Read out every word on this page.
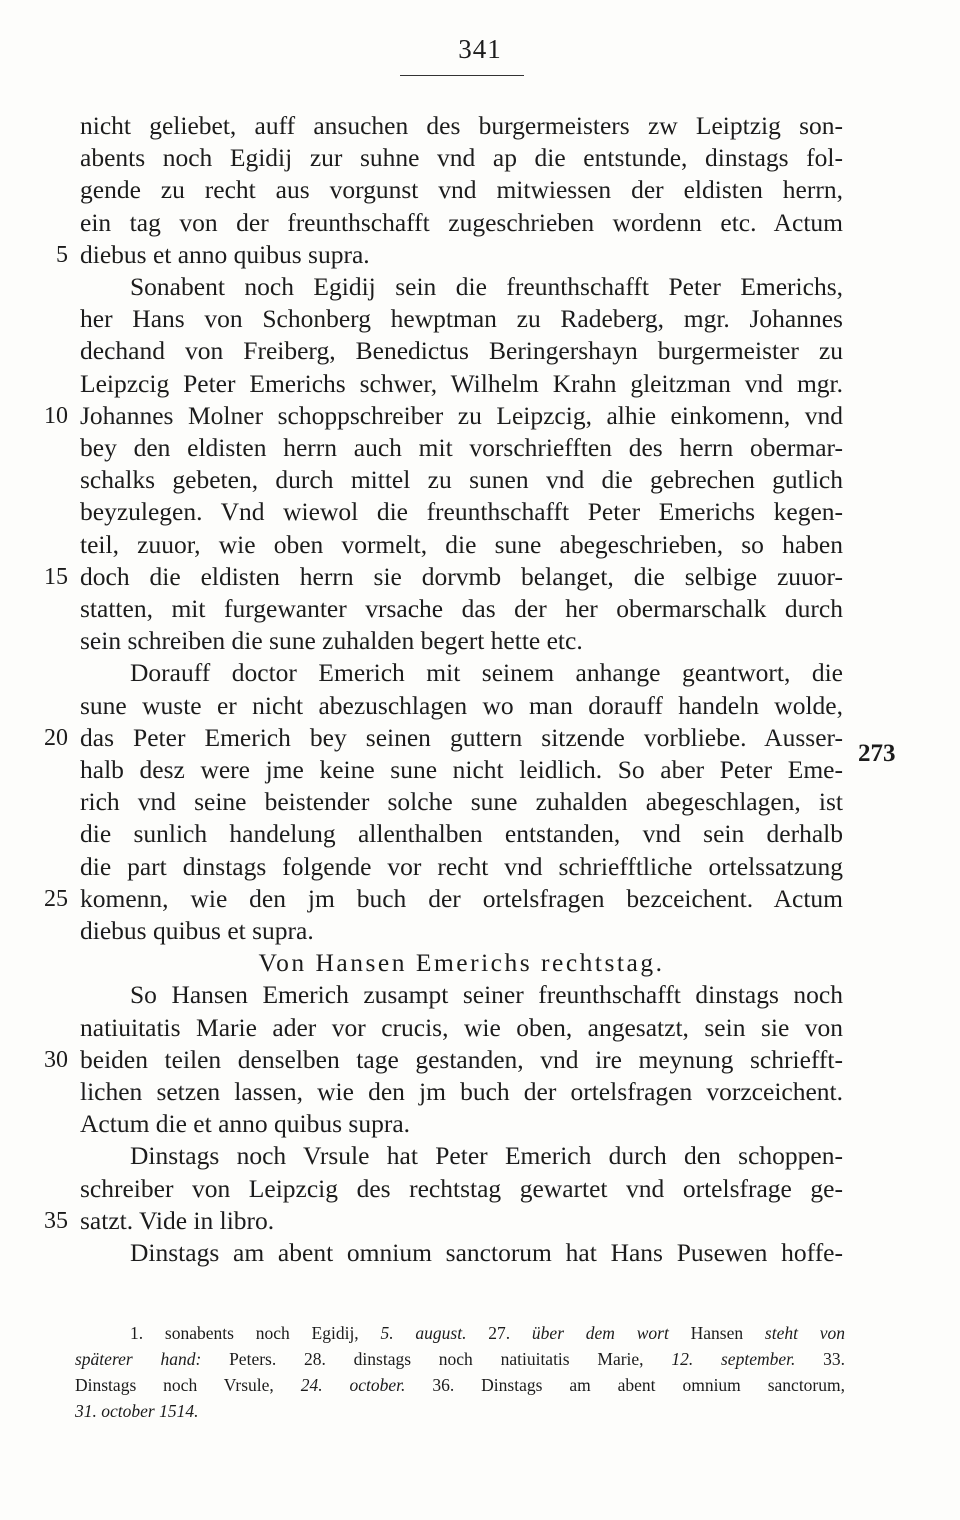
341
nicht geliebet, auff ansuchen des burgermeisters zw Leiptzig son-
abents noch Egidij zur suhne vnd ap die entstunde, dinstags fol-
gende zu recht aus vorgunst vnd mitwiessen der eldisten herrn,
ein tag von der freunthschafft zugeschrieben wordenn etc. Actum
5 diebus et anno quibus supra.
Sonabent noch Egidij sein die freunthschafft Peter Emerichs,
her Hans von Schonberg hewptman zu Radeberg, mgr. Johannes
dechand von Freiberg, Benedictus Beringershayn burgermeister zu
Leipzcig Peter Emerichs schwer, Wilhelm Krahn gleitzman vnd mgr.
10 Johannes Molner schoppschreiber zu Leipzcig, alhie einkomenn, vnd
bey den eldisten herrn auch mit vorschriefften des herrn obermar-
schalks gebeten, durch mittel zu sunen vnd die gebrechen gutlich
beyzulegen. Vnd wiewol die freunthschafft Peter Emerichs kegen-
teil, zuuor, wie oben vormelt, die sune abegeschrieben, so haben
15 doch die eldisten herrn sie dorvmb belanget, die selbige zuuor-
statten, mit furgewanter vrsache das der her obermarschalk durch
sein schreiben die sune zuhalden begert hette etc.
Dorauff doctor Emerich mit seinem anhange geantwort, die
sune wuste er nicht abezuschlagen wo man dorauff handeln wolde,
20 das Peter Emerich bey seinen guttern sitzende vorbliebe. Ausser-
halb desz were jme keine sune nicht leidlich. So aber Peter Eme-
rich vnd seine beistender solche sune zuhalden abegeschlagen, ist
die sunlich handelung allenthalben entstanden, vnd sein derhalb
die part dinstags folgende vor recht vnd schriefftliche ortelssatzung
25 komenn, wie den jm buch der ortelsfragen bezceichent. Actum
diebus quibus et supra.
Von Hansen Emerichs rechtstag.
So Hansen Emerich zusampt seiner freunthschafft dinstags noch
natiuitatis Marie ader vor crucis, wie oben, angesatzt, sein sie von
30 beiden teilen denselben tage gestanden, vnd ire meynung schriefft-
lichen setzen lassen, wie den jm buch der ortelsfragen vorzceichent.
Actum die et anno quibus supra.
Dinstags noch Vrsule hat Peter Emerich durch den schoppen-
schreiber von Leipzcig des rechtstag gewartet vnd ortelsfrage ge-
35 satzt. Vide in libro.
Dinstags am abent omnium sanctorum hat Hans Pusewen hoffe-
273
1. sonabents noch Egidij, 5. august. 27. über dem wort Hansen steht von
späterer hand: Peters. 28. dinstags noch natiuitatis Marie, 12. september. 33.
Dinstags noch Vrsule, 24. october. 36. Dinstags am abent omnium sanctorum,
31. october 1514.
